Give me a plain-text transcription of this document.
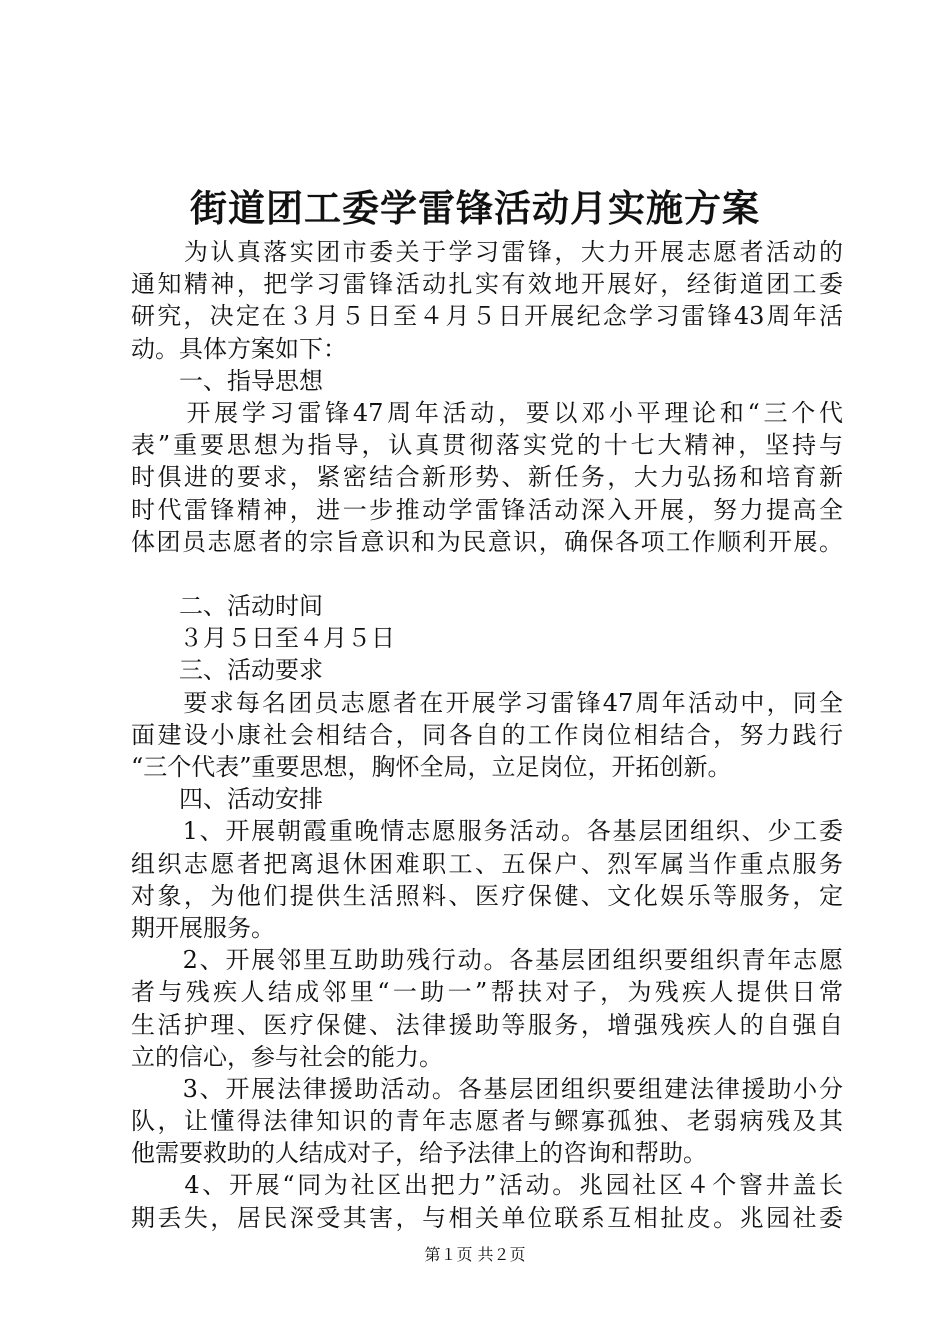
街道团工委学雷锋活动月实施方案
　　为认真落实团市委关于学习雷锋，大力开展志愿者活动的
通知精神，把学习雷锋活动扎实有效地开展好，经街道团工委
研究，决定在３月５日至４月５日开展纪念学习雷锋43周年活
动。具体方案如下：
　　一、指导思想
　　开展学习雷锋47周年活动，要以邓小平理论和“三个代
表”重要思想为指导，认真贯彻落实党的十七大精神，坚持与
时俱进的要求，紧密结合新形势、新任务，大力弘扬和培育新
时代雷锋精神，进一步推动学雷锋活动深入开展，努力提高全
体团员志愿者的宗旨意识和为民意识，确保各项工作顺利开展。
　　二、活动时间
　　３月５日至４月５日
　　三、活动要求
　　要求每名团员志愿者在开展学习雷锋47周年活动中，同全
面建设小康社会相结合，同各自的工作岗位相结合，努力践行
“三个代表”重要思想，胸怀全局，立足岗位，开拓创新。
　　四、活动安排
　　1、开展朝霞重晚情志愿服务活动。各基层团组织、少工委
组织志愿者把离退休困难职工、五保户、烈军属当作重点服务
对象，为他们提供生活照料、医疗保健、文化娱乐等服务，定
期开展服务。
　　2、开展邻里互助助残行动。各基层团组织要组织青年志愿
者与残疾人结成邻里“一助一”帮扶对子，为残疾人提供日常
生活护理、医疗保健、法律援助等服务，增强残疾人的自强自
立的信心，参与社会的能力。
　　3、开展法律援助活动。各基层团组织要组建法律援助小分
队，让懂得法律知识的青年志愿者与鳏寡孤独、老弱病残及其
他需要救助的人结成对子，给予法律上的咨询和帮助。
　　4、开展“同为社区出把力”活动。兆园社区４个窨井盖长
期丢失，居民深受其害，与相关单位联系互相扯皮。兆园社委
第１页 共２页
